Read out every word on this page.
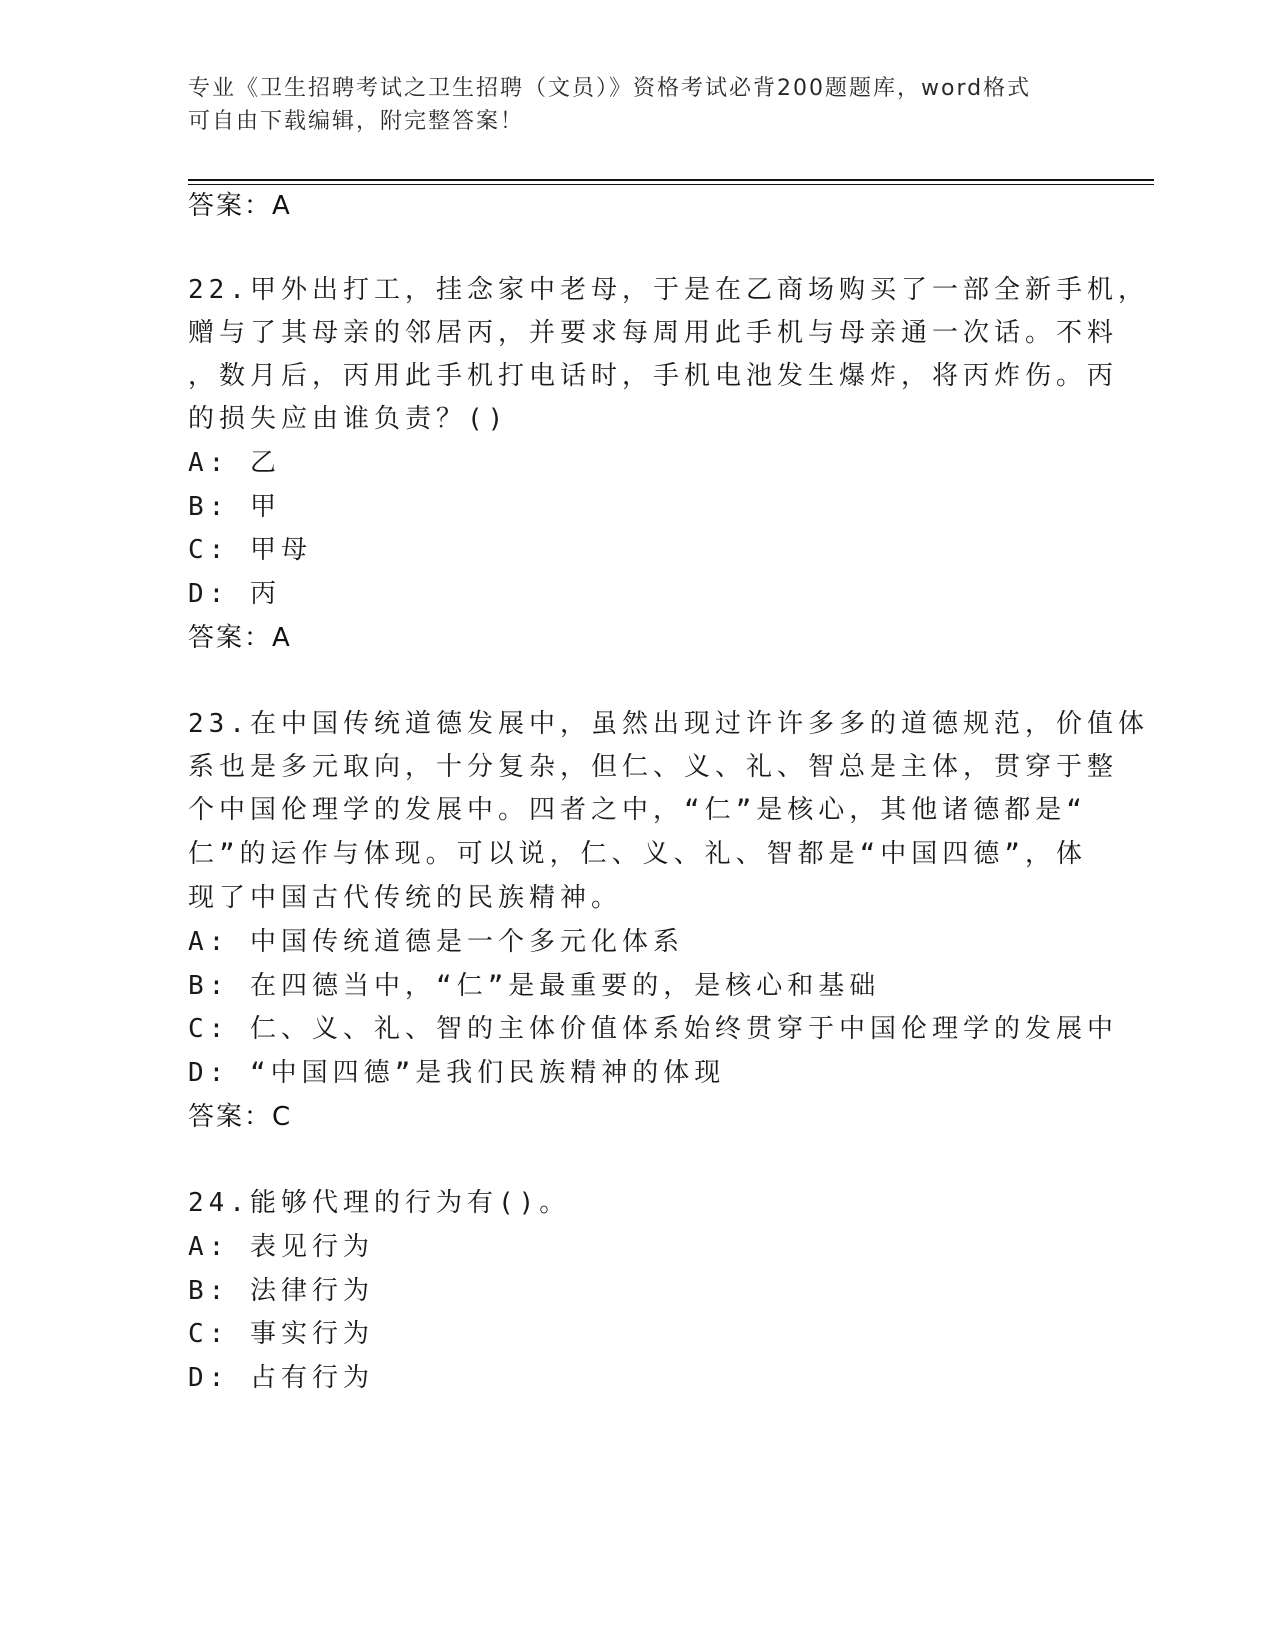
专业《卫生招聘考试之卫生招聘（文员）》资格考试必背200题题库，word格式
可自由下载编辑，附完整答案！
答案：A
22.甲外出打工，挂念家中老母，于是在乙商场购买了一部全新手机，
赠与了其母亲的邻居丙，并要求每周用此手机与母亲通一次话。不料
，数月后，丙用此手机打电话时，手机电池发生爆炸，将丙炸伤。丙
的损失应由谁负责？()
A: 乙
B: 甲
C: 甲母
D: 丙
答案：A
23.在中国传统道德发展中，虽然出现过许许多多的道德规范，价值体
系也是多元取向，十分复杂，但仁、义、礼、智总是主体，贯穿于整
个中国伦理学的发展中。四者之中，“仁”是核心，其他诸德都是“
仁”的运作与体现。可以说，仁、义、礼、智都是“中国四德”，体
现了中国古代传统的民族精神。
A: 中国传统道德是一个多元化体系
B: 在四德当中，“仁”是最重要的，是核心和基础
C: 仁、义、礼、智的主体价值体系始终贯穿于中国伦理学的发展中
D: “中国四德”是我们民族精神的体现
答案：C
24.能够代理的行为有()。
A: 表见行为
B: 法律行为
C: 事实行为
D: 占有行为
